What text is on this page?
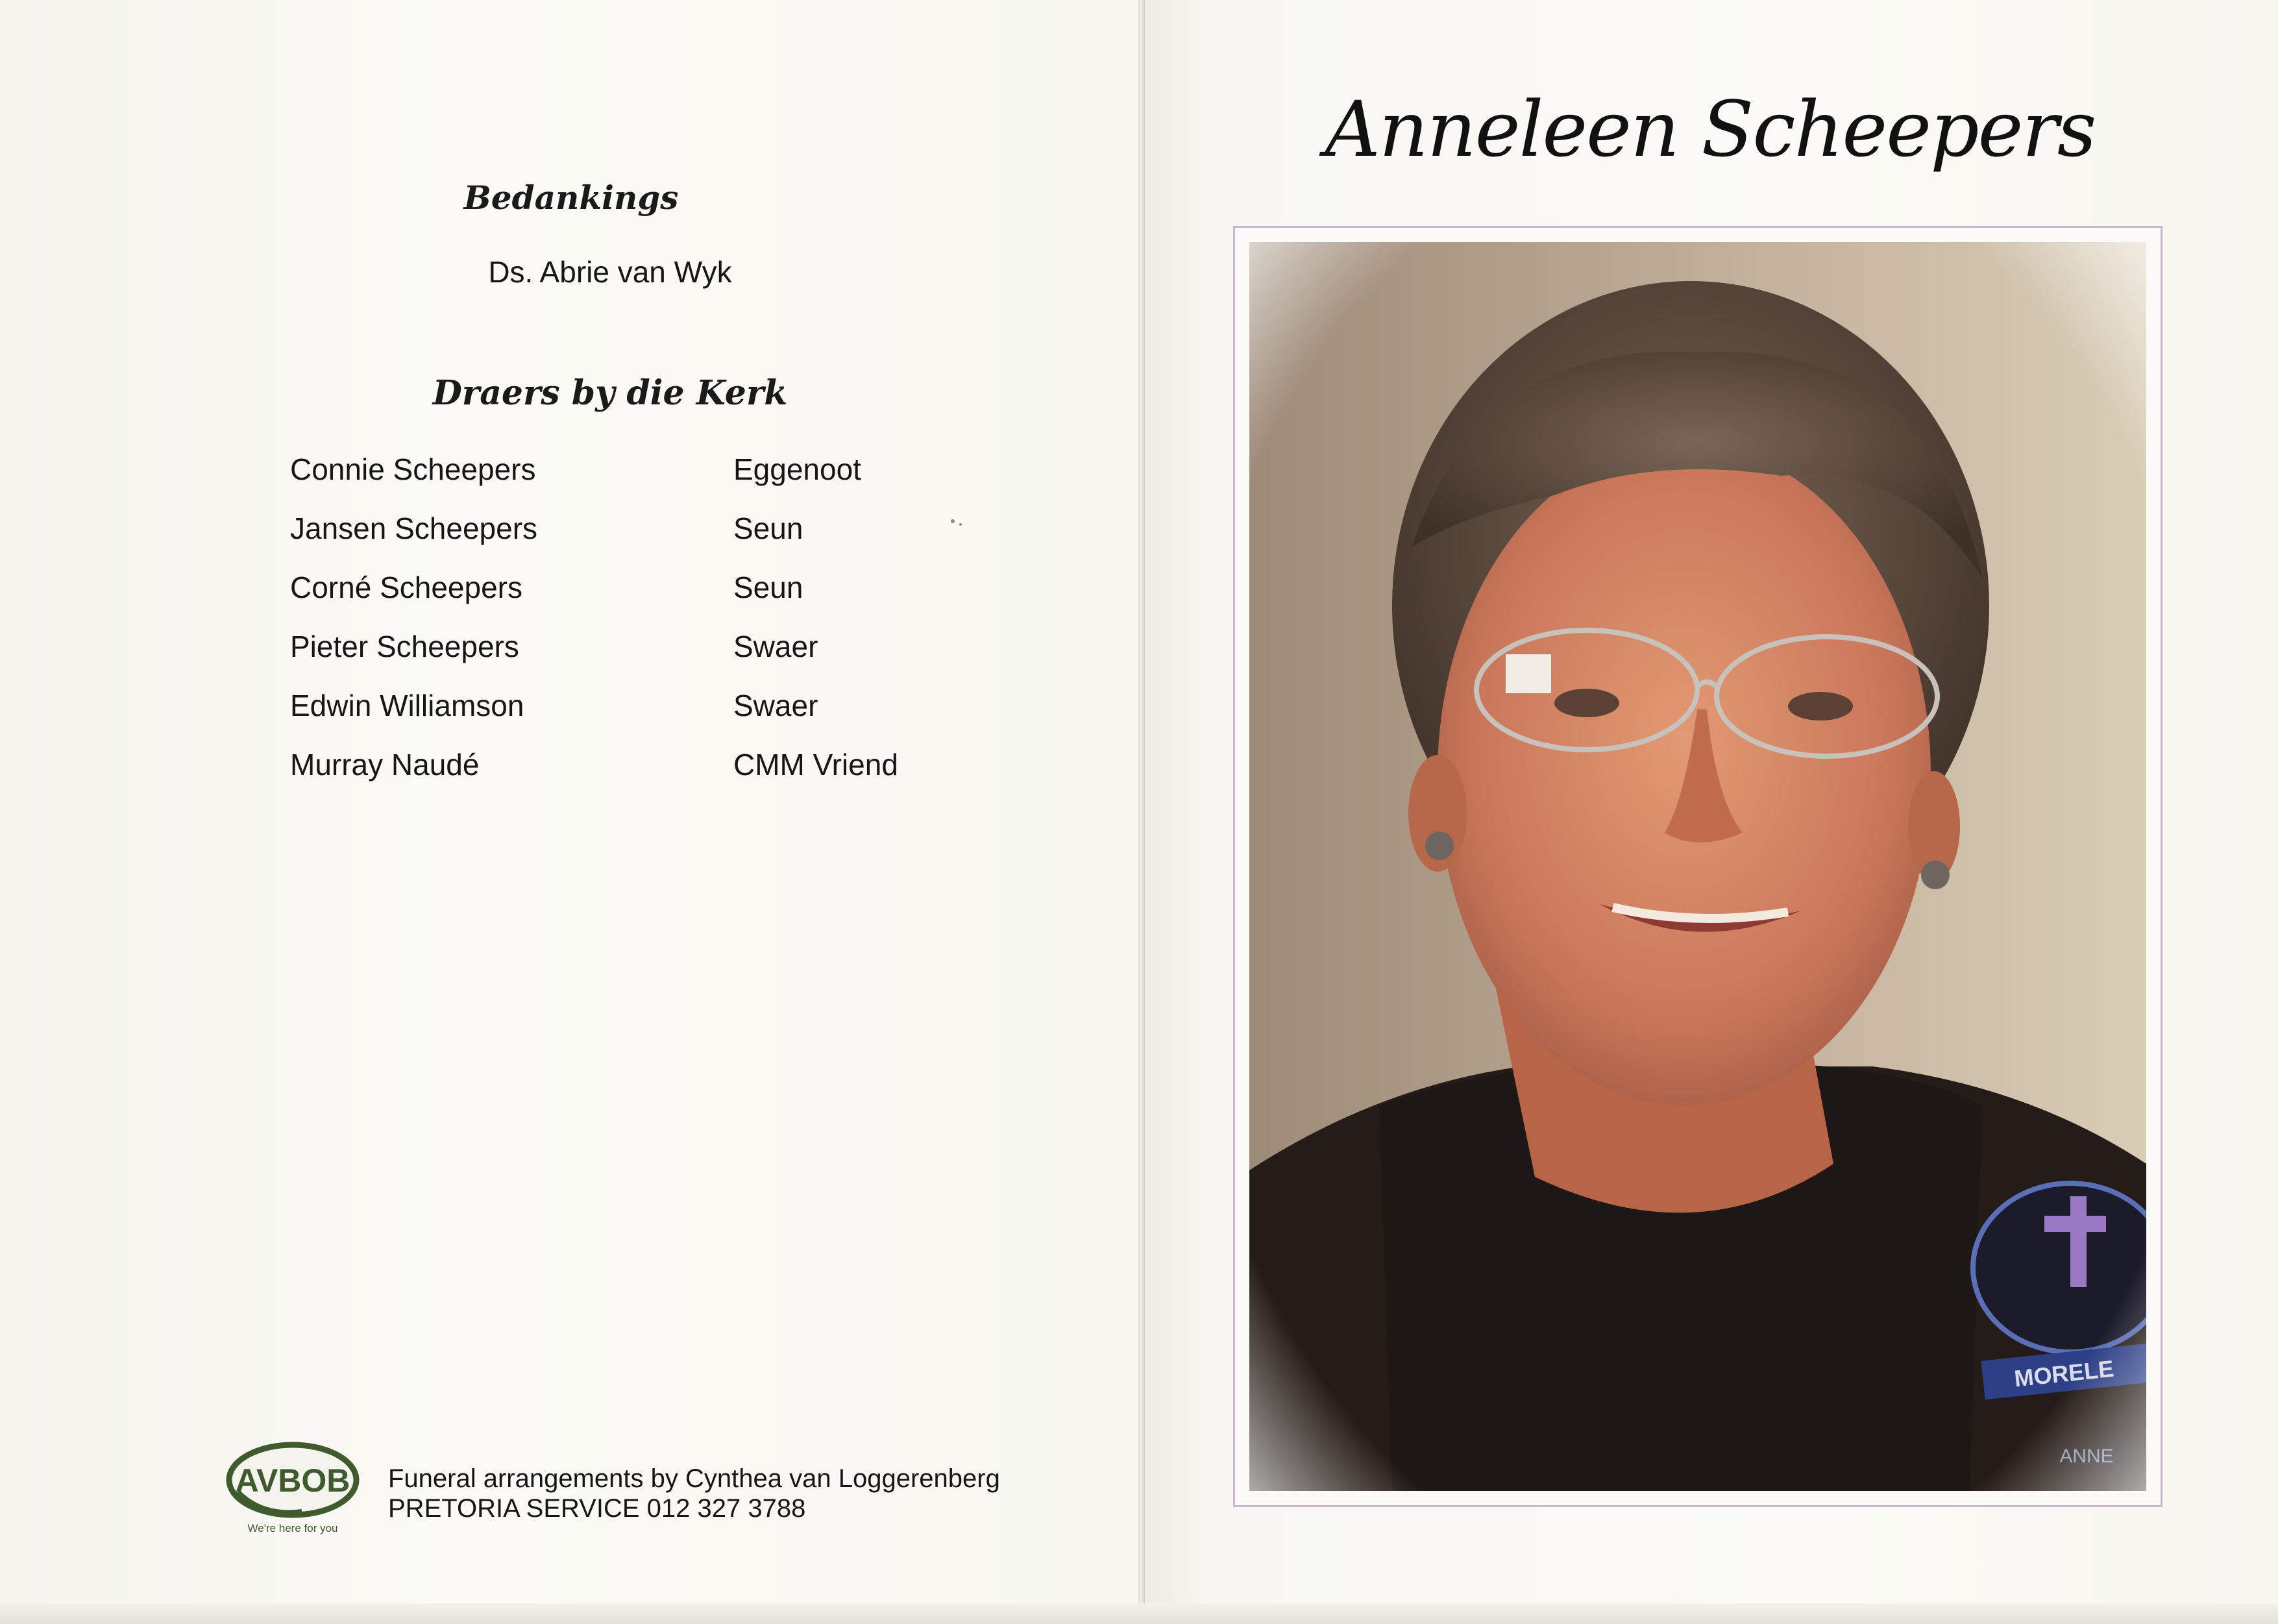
Bedankings
Ds. Abrie van Wyk
Draers by die Kerk
Connie Scheepers	Eggenoot
Jansen Scheepers	Seun
Corné Scheepers	Seun
Pieter Scheepers	Swaer
Edwin Williamson	Swaer
Murray Naudé	CMM Vriend
AVBOB
We're here for you
Funeral arrangements by Cynthea van Loggerenberg
PRETORIA SERVICE 012 327 3788
Anneleen Scheepers
